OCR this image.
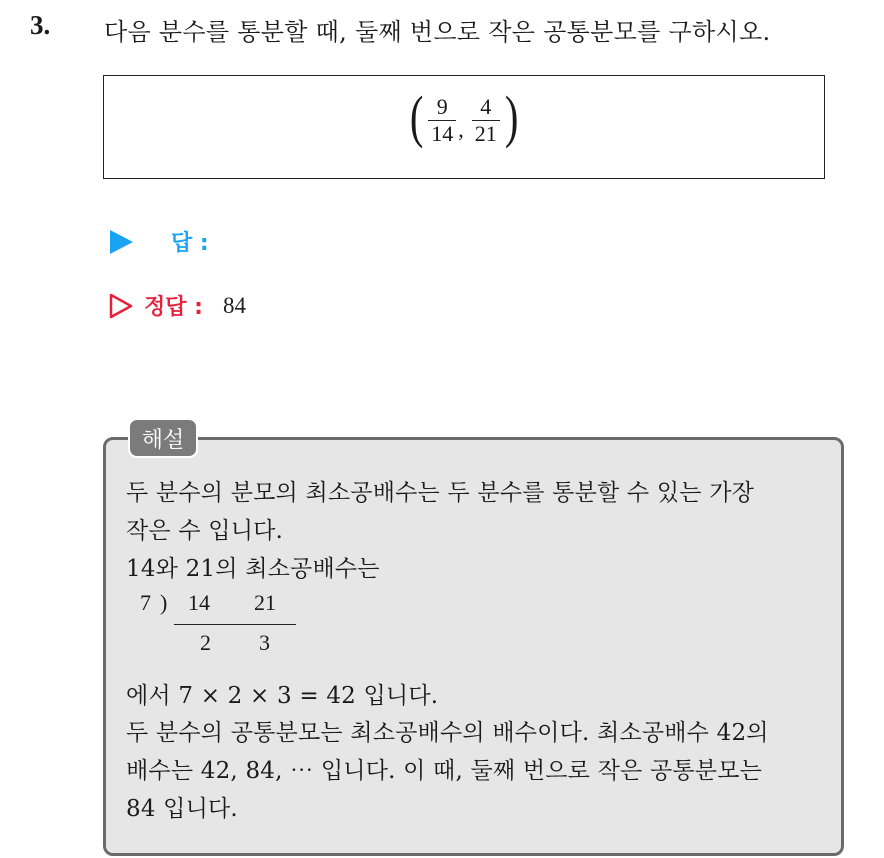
3. 다음 분수를 통분할 때, 둘째 번으로 작은 공통분모를 구하시오.
( $\frac{9}{14}$ , $\frac{4}{21}$ )
답 :
정답 : 84
해설
두 분수의 분모의 최소공배수는 두 분수를 통분할 수 있는 가장
작은 수 입니다.
14와 21의 최소공배수는
7 ) 14 21
2 3
에서 7 × 2 × 3 = 42 입니다.
두 분수의 공통분모는 최소공배수의 배수이다. 최소공배수 42의
배수는 42, 84, ⋯ 입니다. 이 때, 둘째 번으로 작은 공통분모는
84 입니다.
